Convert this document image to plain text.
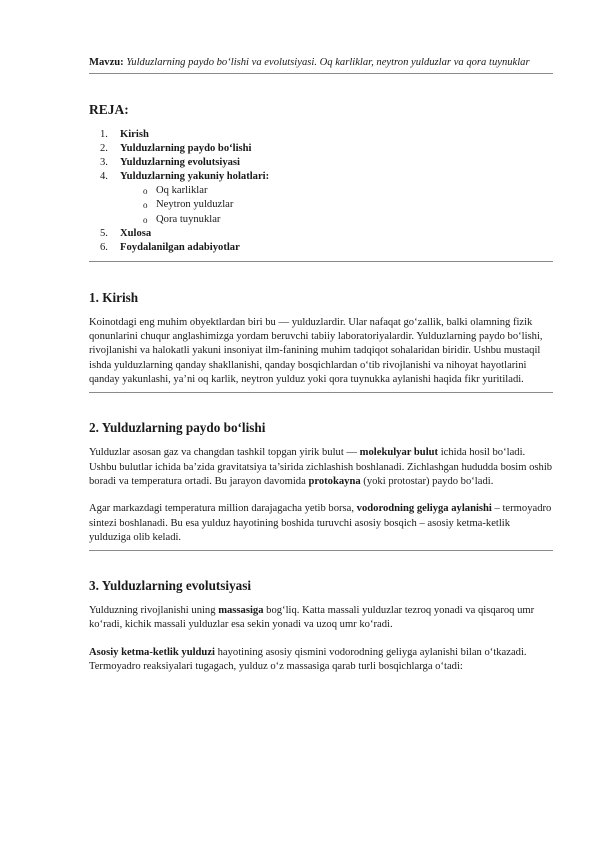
Mavzu: Yulduzlarning paydo bo‘lishi va evolutsiyasi. Oq karliklar, neytron yulduzlar va qora tuynuklar

REJA:

1. Kirish
2. Yulduzlarning paydo bo‘lishi
3. Yulduzlarning evolutsiyasi
4. Yulduzlarning yakuniy holatlari:
o Oq karliklar
o Neytron yulduzlar
o Qora tuynuklar
5. Xulosa
6. Foydalanilgan adabiyotlar
1. Kirish

Koinotdagi eng muhim obyektlardan biri bu — yulduzlardir. Ular nafaqat go‘zallik, balki olamning fizik qonunlarini chuqur anglashimizga yordam beruvchi tabiiy laboratoriyalardir. Yulduzlarning paydo bo‘lishi, rivojlanishi va halokatli yakuni insoniyat ilm-fanining muhim tadqiqot sohalaridan biridir. Ushbu mustaqil ishda yulduzlarning qanday shakllanishi, qanday bosqichlardan o‘tib rivojlanishi va nihoyat hayotlarini qanday yakunlashi, ya’ni oq karlik, neytron yulduz yoki qora tuynukka aylanishi haqida fikr yuritiladi.

2. Yulduzlarning paydo bo‘lishi

Yulduzlar asosan gaz va changdan tashkil topgan yirik bulut — molekulyar bulut ichida hosil bo‘ladi. Ushbu bulutlar ichida ba’zida gravitatsiya ta’sirida zichlashish boshlanadi. Zichlashgan hududda bosim oshib boradi va temperatura ortadi. Bu jarayon davomida protokayna (yoki protostar) paydo bo‘ladi.

Agar markazdagi temperatura million darajagacha yetib borsa, vodorodning geliyga aylanishi – termoyadro sintezi boshlanadi. Bu esa yulduz hayotining boshida turuvchi asosiy bosqich – asosiy ketma-ketlik yulduziga olib keladi.

3. Yulduzlarning evolutsiyasi

Yulduzning rivojlanishi uning massasiga bog‘liq. Katta massali yulduzlar tezroq yonadi va qisqaroq umr ko‘radi, kichik massali yulduzlar esa sekin yonadi va uzoq umr ko‘radi.

Asosiy ketma-ketlik yulduzi hayotining asosiy qismini vodorodning geliyga aylanishi bilan o‘tkazadi. Termoyadro reaksiyalari tugagach, yulduz o‘z massasiga qarab turli bosqichlarga o‘tadi:
